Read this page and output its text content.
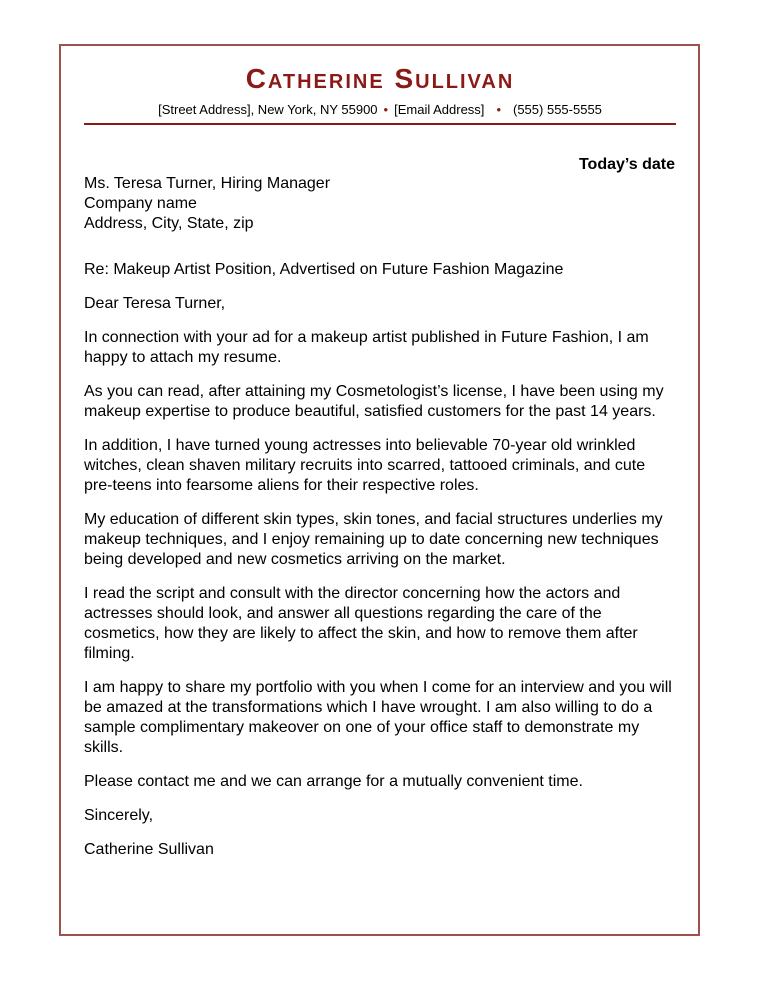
Catherine Sullivan
[Street Address], New York, NY 55900 • [Email Address] • (555) 555-5555
Today’s date

Ms. Teresa Turner, Hiring Manager

Company name

Address, City, State, zip

Re: Makeup Artist Position, Advertised on Future Fashion Magazine

Dear Teresa Turner,

In connection with your ad for a makeup artist published in Future Fashion, I am happy to attach my resume.

As you can read, after attaining my Cosmetologist’s license, I have been using my makeup expertise to produce beautiful, satisfied customers for the past 14 years.

In addition, I have turned young actresses into believable 70-year old wrinkled witches, clean shaven military recruits into scarred, tattooed criminals, and cute pre-teens into fearsome aliens for their respective roles.

My education of different skin types, skin tones, and facial structures underlies my makeup techniques, and I enjoy remaining up to date concerning new techniques being developed and new cosmetics arriving on the market.

I read the script and consult with the director concerning how the actors and actresses should look, and answer all questions regarding the care of the cosmetics, how they are likely to affect the skin, and how to remove them after filming.

I am happy to share my portfolio with you when I come for an interview and you will be amazed at the transformations which I have wrought. I am also willing to do a sample complimentary makeover on one of your office staff to demonstrate my skills.

Please contact me and we can arrange for a mutually convenient time.

Sincerely,

Catherine Sullivan
